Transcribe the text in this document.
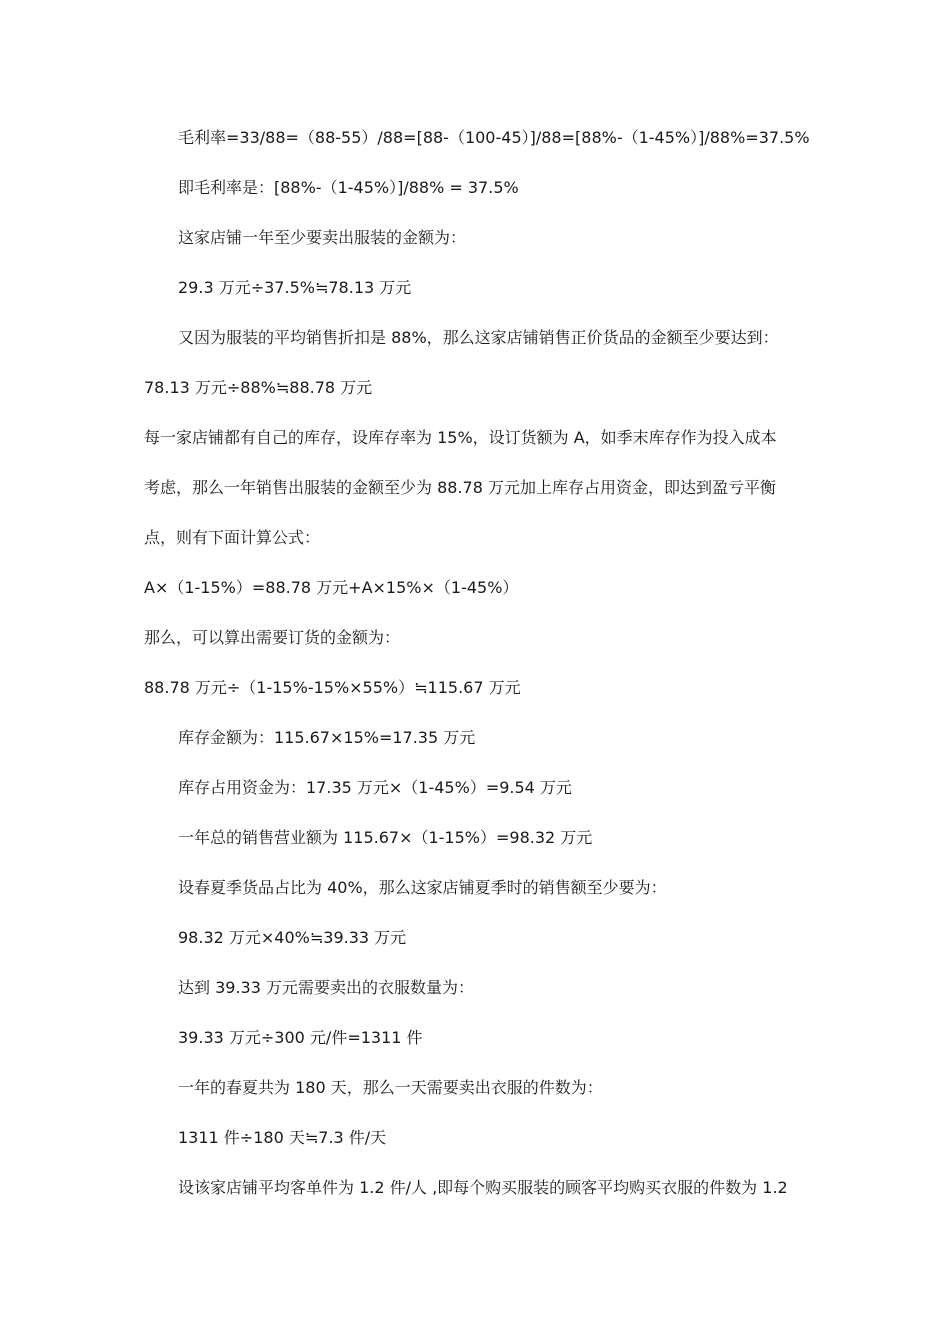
毛利率=33/88=（88-55）/88=[88-（100-45）]/88=[88%-（1-45%）]/88%=37.5%
即毛利率是：[88%-（1-45%）]/88% = 37.5%
这家店铺一年至少要卖出服装的金额为：
29.3 万元÷37.5%≒78.13 万元
又因为服装的平均销售折扣是 88%，那么这家店铺销售正价货品的金额至少要达到：
78.13 万元÷88%≒88.78 万元
每一家店铺都有自己的库存，设库存率为 15%，设订货额为 A，如季末库存作为投入成本
考虑，那么一年销售出服装的金额至少为 88.78 万元加上库存占用资金，即达到盈亏平衡
点，则有下面计算公式：
A×（1-15%）=88.78 万元+A×15%×（1-45%）
那么，可以算出需要订货的金额为：
88.78 万元÷（1-15%-15%×55%）≒115.67 万元
库存金额为：115.67×15%=17.35 万元
库存占用资金为：17.35 万元×（1-45%）=9.54 万元
一年总的销售营业额为 115.67×（1-15%）=98.32 万元
设春夏季货品占比为 40%，那么这家店铺夏季时的销售额至少要为：
98.32 万元×40%≒39.33 万元
达到 39.33 万元需要卖出的衣服数量为：
39.33 万元÷300 元/件=1311 件
一年的春夏共为 180 天，那么一天需要卖出衣服的件数为：
1311 件÷180 天≒7.3 件/天
设该家店铺平均客单件为 1.2 件/人 ,即每个购买服装的顾客平均购买衣服的件数为 1.2
